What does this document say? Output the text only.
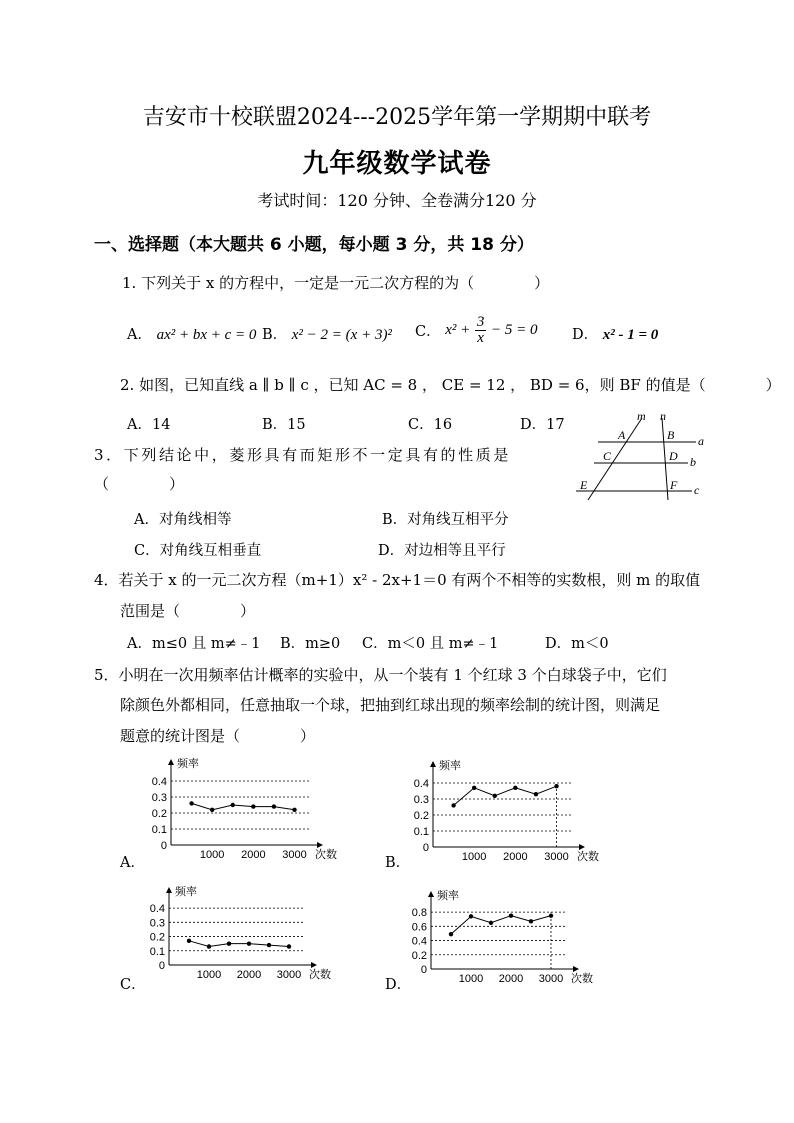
吉安市十校联盟2024---2025学年第一学期期中联考
九年级数学试卷
考试时间：120 分钟、全卷满分120 分
一、选择题（本大题共 6 小题，每小题 3 分，共 18 分）
1. 下列关于 x 的方程中，一定是一元二次方程的为（　　　　）
A． ax² + bx + c = 0 B． x² − 2 = (x + 3)² C． $x^2 + \frac{3}{x} - 5 = 0$ D． x² - 1 = 0
2. 如图，已知直线 a ∥ b ∥ c ，已知 AC = 8 ， CE = 12 ， BD = 6，则 BF 的值是（　　　　）
A．14	B．15	C．16	D．17
m n
A	B
C	D
E	F
a
b
c
3．下列结论中，菱形具有而矩形不一定具有的性质是
（　　　　）
A．对角线相等	B．对角线互相平分
C．对角线互相垂直	D．对边相等且平行
4．若关于 x 的一元二次方程（m+1）x² - 2x+1＝0 有两个不相等的实数根，则 m 的取值
范围是（　　　　）
A．m≤0 且 m≠﹣1 B．m≥0 C．m＜0 且 m≠﹣1	D．m＜0
5．小明在一次用频率估计概率的实验中，从一个装有 1 个红球 3 个白球袋子中，它们
除颜色外都相同，任意抽取一个球，把抽到红球出现的频率绘制的统计图，则满足
题意的统计图是（　　　　）
A．	B．
C．	D．
0.4
0.3
0.2
0.1
0
1000 2000 3000
频率
次数
0.4
0.3
0.2
0.1
0
1000 2000 3000
频率
次数
0.4
0.3
0.2
0.1
0
1000 2000 3000
频率
次数
0.8
0.6
0.4
0.2
0
1000 2000 3000
频率
次数
